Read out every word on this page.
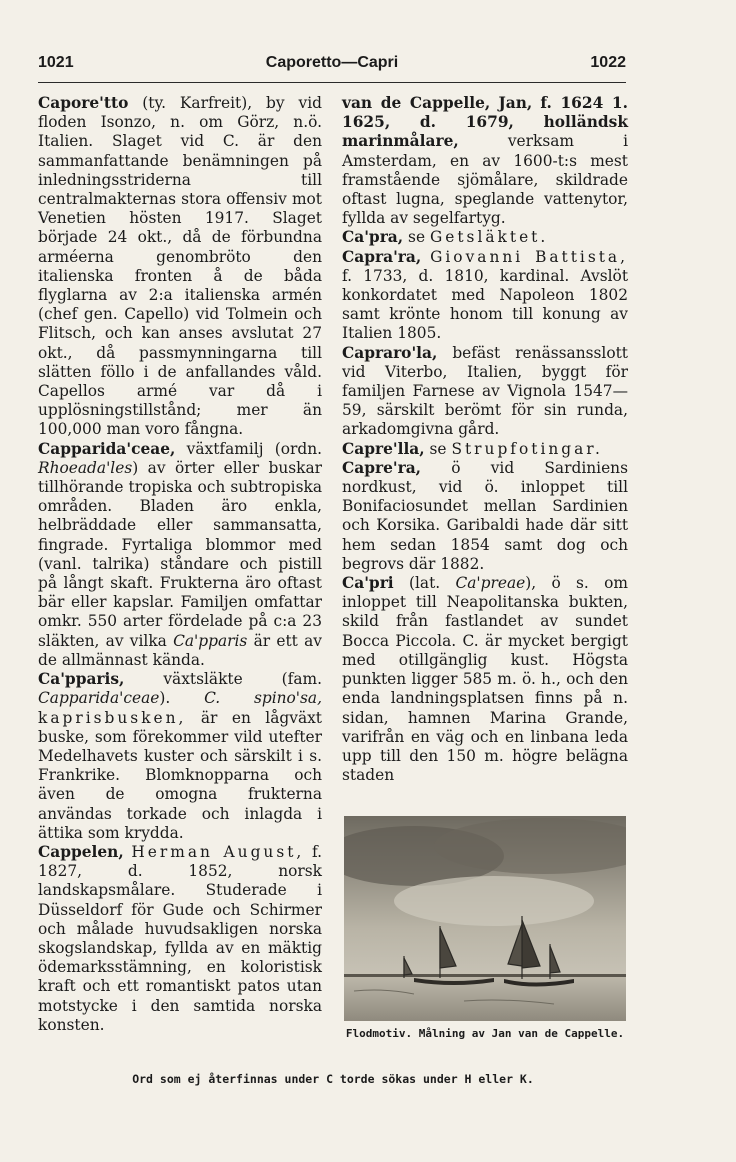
1021	Caporetto—Capri	1022

Capore'tto (ty. Karfreit), by vid floden Isonzo, n. om Görz, n.ö. Italien. Slaget vid C. är den sammanfattande benämningen på inledningsstriderna till centralmakternas stora offensiv mot Venetien hösten 1917. Slaget började 24 okt., då de förbundna arméerna genombröto den italienska fronten å de båda flyglarna av 2:a italienska armén (chef gen. Capello) vid Tolmein och Flitsch, och kan anses avslutat 27 okt., då passmynningarna till slätten föllo i de anfallandes våld. Capellos armé var då i upplösningstillstånd; mer än 100,000 man voro fångna.

Capparida'ceae, växtfamilj (ordn. Rhoeada'les) av örter eller buskar tillhörande tropiska och subtropiska områden. Bladen äro enkla, helbräddade eller sammansatta, fingrade. Fyrtaliga blommor med (vanl. talrika) ståndare och pistill på långt skaft. Frukterna äro oftast bär eller kapslar. Familjen omfattar omkr. 550 arter fördelade på c:a 23 släkten, av vilka Ca'pparis är ett av de allmännast kända.

Ca'pparis,	växtsläkte (fam. Capparida'ceae). C. spino'sa, kaprisbusken, är en lågväxt buske, som förekommer vild utefter Medelhavets kuster och särskilt i s. Frankrike. Blomknopparna och även de omogna frukterna användas torkade och inlagda i ättika som krydda.

Cappelen, Herman August, f. 1827, d. 1852, norsk landskapsmålare. Studerade i Düsseldorf för Gude och Schirmer och målade huvudsakligen norska skogslandskap, fyllda av en mäktig ödemarksstämning, en koloristisk kraft och ett romantiskt patos utan motstycke i den samtida norska konsten.

van de Cappelle, Jan, f. 1624 1. 1625, d. 1679, holländsk marinmålare,	verksam i Amsterdam, en av 1600-t:s mest framstående sjömålare, skildrade oftast lugna, speglande vattenytor, fyllda av segelfartyg.

Ca'pra, se Getsläktet.

Capra'ra, Giovanni Battista, f. 1733, d. 1810, kardinal. Avslöt konkordatet med Napoleon 1802 samt krönte honom till konung av Italien 1805.

Capraro'la, befäst renässansslott vid Viterbo, Italien, byggt för familjen Farnese av Vignola 1547—59, särskilt berömt för sin runda, arkadomgivna gård.

Capre'lla, se Strupfotingar.

Capre'ra, ö vid Sardiniens nordkust, vid ö. inloppet till Bonifaciosundet mellan Sardinien och Korsika. Garibaldi hade där sitt hem sedan 1854 samt dog och begrovs där 1882.

Ca'pri (lat. Ca'preae), ö s. om inloppet till Neapolitanska bukten, skild från fastlandet av sundet Bocca Piccola. C. är mycket bergigt med otillgänglig kust. Högsta punkten ligger 585 m. ö. h., och den enda landningsplatsen finns på n. sidan, hamnen Marina Grande, varifrån en väg och en linbana leda upp till den 150 m. högre belägna staden

Flodmotiv. Målning av Jan van de Cappelle.
Ord som ej återfinnas under C torde sökas under H eller K.
